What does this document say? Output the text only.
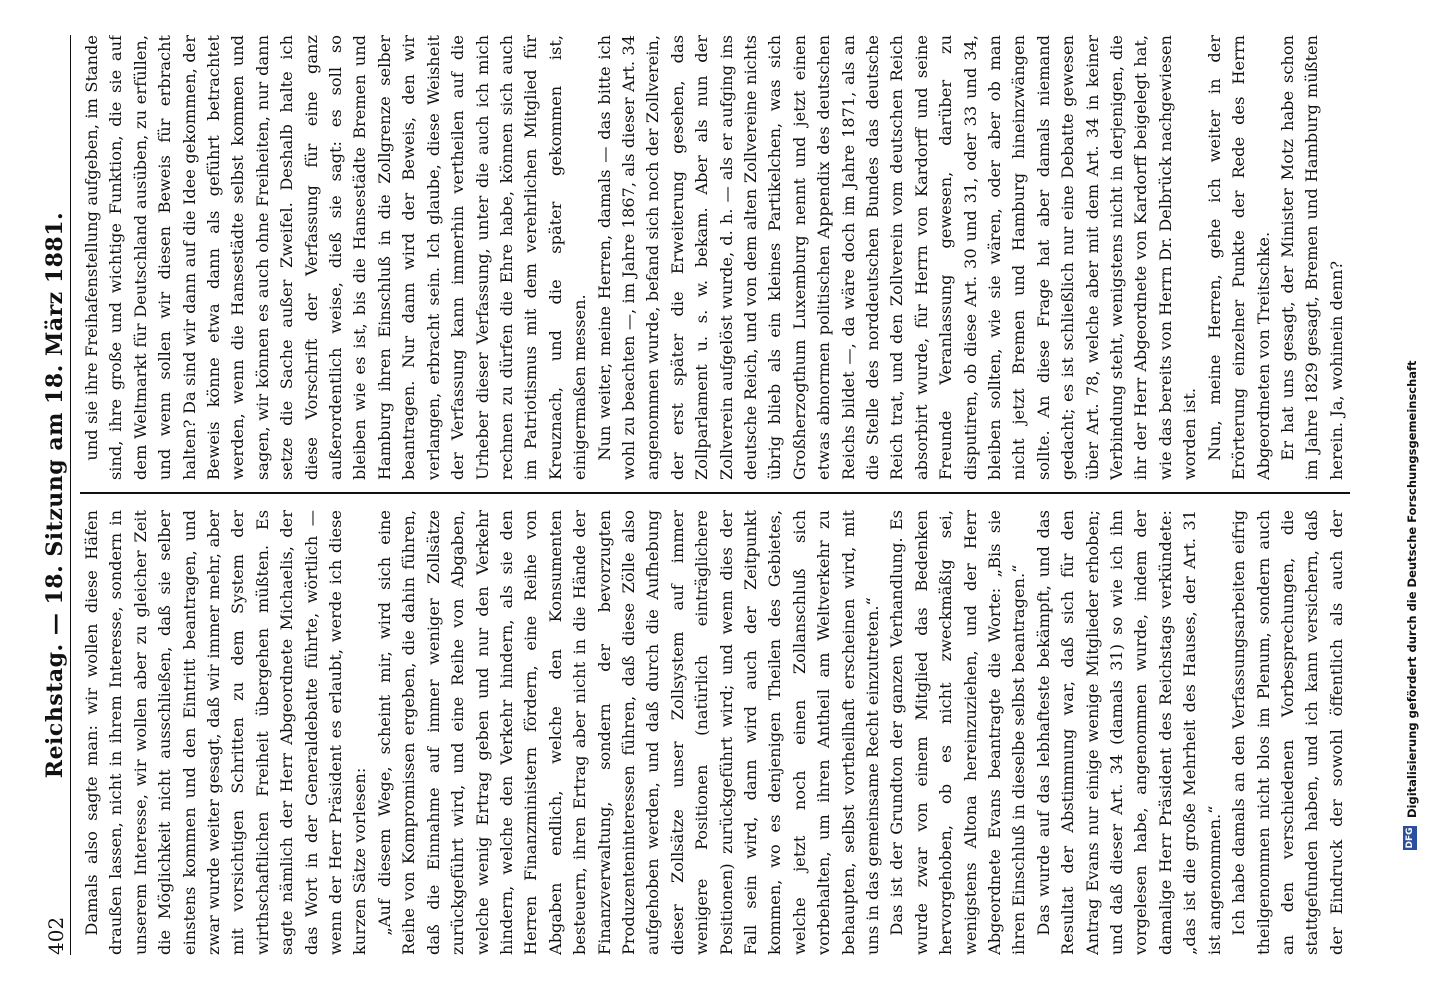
402
Reichstag. — 18. Sitzung am 18. März 1881. Damals also sagte man: wir wollen diese Häfen draußen lassen, nicht in ihrem Interesse, sondern in unserem Interesse, wir wollen aber zu gleicher Zeit die Möglichkeit nicht ausschließen, daß sie selber einstens kommen und den Eintritt beantragen, und zwar wurde weiter gesagt, daß wir immer mehr, aber mit vorsichtigen Schritten zu dem System der wirthschaftlichen Freiheit übergehen müßten. Es sagte nämlich der Herr Abgeordnete Michaelis, der das Wort in der Generaldebatte führte, wörtlich — wenn der Herr Präsident es erlaubt, werde ich diese kurzen Sätze vorlesen: „Auf diesem Wege, scheint mir, wird sich eine Reihe von Kompromissen ergeben, die dahin führen, daß die Einnahme auf immer weniger Zollsätze zurückgeführt wird, und eine Reihe von Abgaben, welche wenig Ertrag geben und nur den Verkehr hindern, welche den Verkehr hindern, als sie den Herren Finanzministern fördern, eine Reihe von Abgaben endlich, welche den Konsumenten besteuern, ihren Ertrag aber nicht in die Hände der Finanzverwaltung, sondern der bevorzugten Produzenteninteressen führen, daß diese Zölle also aufgehoben werden, und daß durch die Aufhebung dieser Zollsätze unser Zollsystem auf immer wenigere Positionen (natürlich einträglichere Positionen) zurückgeführt wird; und wenn dies der Fall sein wird, dann wird auch der Zeitpunkt kommen, wo es denjenigen Theilen des Gebietes, welche jetzt noch einen Zollanschluß sich vorbehalten, um ihren Antheil am Weltverkehr zu behaupten, selbst vortheilhaft erscheinen wird, mit uns in das gemeinsame Recht einzutreten.“ Das ist der Grundton der ganzen Verhandlung. Es wurde zwar von einem Mitglied das Bedenken hervorgehoben, ob es nicht zweckmäßig sei, wenigstens Altona hereinzuziehen, und der Herr Abgeordnete Evans beantragte die Worte: „Bis sie ihren Einschluß in dieselbe selbst beantragen.“ Das wurde auf das lebhafteste bekämpft, und das Resultat der Abstimmung war, daß sich für den Antrag Evans nur einige wenige Mitglieder erhoben; und daß dieser Art. 34 (damals 31) so wie ich ihn vorgelesen habe, angenommen wurde, indem der damalige Herr Präsident des Reichstags verkündete: „das ist die große Mehrheit des Hauses, der Art. 31 ist angenommen.“ Ich habe damals an den Verfassungsarbeiten eifrig theilgenommen nicht blos im Plenum, sondern auch an den verschiedenen Vorbesprechungen, die stattgefunden haben, und ich kann versichern, daß der Eindruck der sowohl öffentlich als auch der

und sie ihre Freihafenstellung aufgeben, im Stande sind, ihre große und wichtige Funktion, die sie auf dem Weltmarkt für Deutschland ausüben, zu erfüllen, und wenn sollen wir diesen Beweis für erbracht halten? Da sind wir dann auf die Idee gekommen, der Beweis könne etwa dann als geführt betrachtet werden, wenn die Hansestädte selbst kommen und sagen, wir können es auch ohne Freiheiten, nur dann setze die Sache außer Zweifel. Deshalb halte ich diese Vorschrift der Verfassung für eine ganz außerordentlich weise, dieß sie sagt: es soll so bleiben wie es ist, bis die Hansestädte Bremen und Hamburg ihren Einschluß in die Zollgrenze selber beantragen. Nur dann wird der Beweis, den wir verlangen, erbracht sein. Ich glaube, diese Weisheit der Verfassung kann immerhin vertheilen auf die Urheber dieser Verfassung, unter die auch ich mich rechnen zu dürfen die Ehre habe, können sich auch im Patriotismus mit dem verehrlichen Mitglied für Kreuznach, und die später gekommen ist, einigermaßen messen. Nun weiter, meine Herren, damals — das bitte ich wohl zu beachten —, im Jahre 1867, als dieser Art. 34 angenommen wurde, befand sich noch der Zollverein, der erst später die Erweiterung gesehen, das Zollparlament u. s. w. bekam. Aber als nun der Zollverein aufgelöst wurde, d. h. — als er aufging ins deutsche Reich, und von dem alten Zollvereine nichts übrig blieb als ein kleines Partikelchen, was sich Großherzogthum Luxemburg nennt und jetzt einen etwas abnormen politischen Appendix des deutschen Reichs bildet —, da wäre doch im Jahre 1871, als an die Stelle des norddeutschen Bundes das deutsche Reich trat, und den Zollverein vom deutschen Reich absorbirt wurde, für Herrn von Kardorff und seine Freunde Veranlassung gewesen, darüber zu disputiren, ob diese Art. 30 und 31, oder 33 und 34, bleiben sollten, wie sie wären, oder aber ob man nicht jetzt Bremen und Hamburg hineinzwängen sollte. An diese Frage hat aber damals niemand gedacht; es ist schließlich nur eine Debatte gewesen über Art. 78, welche aber mit dem Art. 34 in keiner Verbindung steht, wenigstens nicht in derjenigen, die ihr der Herr Abgeordnete von Kardorff beigelegt hat, wie das bereits von Herrn Dr. Delbrück nachgewiesen worden ist. Nun, meine Herren, gehe ich weiter in der Erörterung einzelner Punkte der Rede des Herrn Abgeordneten von Treitschke. Er hat uns gesagt, der Minister Motz habe schon im Jahre 1829 gesagt, Bremen und Hamburg müßten herein. Ja, wohinein denn?

DFG
Digitalisierung gefördert durch die Deutsche Forschungsgemeinschaft
